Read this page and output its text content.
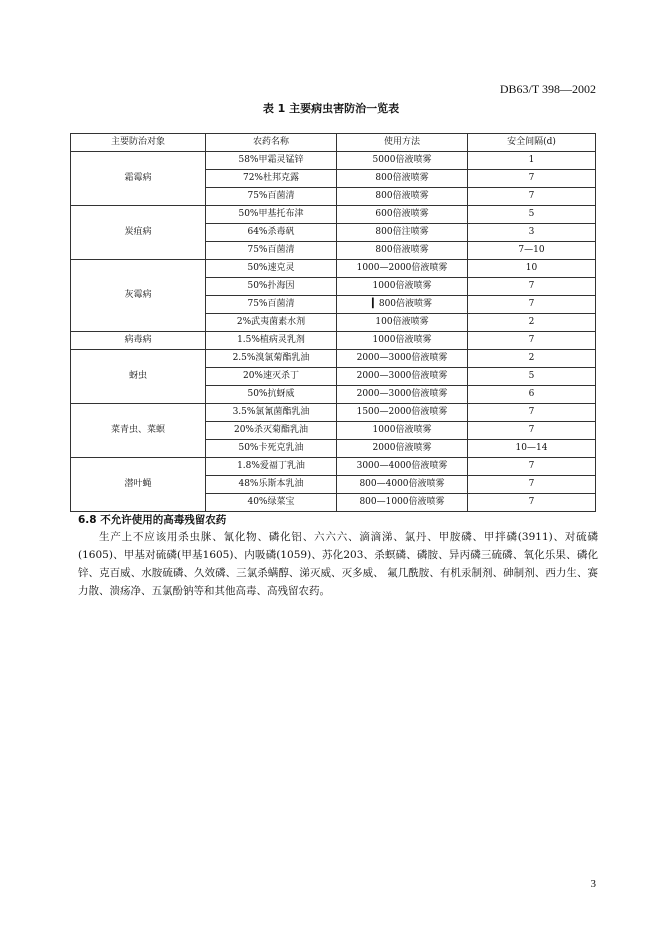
DB63/T 398—2002
表 1 主要病虫害防治一览表
主要防治对象	农药名称	使用方法	安全间隔(d)
霜霉病	58%甲霜灵锰锌	5000倍液喷雾	1
	72%杜邦克露	800倍液喷雾	7
	75%百菌清	800倍液喷雾	7
炭疽病	50%甲基托布津	600倍液喷雾	5
	64%杀毒矾	800倍注喷雾	3
	75%百菌清	800倍液喷雾	7—10
灰霉病	50%速克灵	1000—2000倍液喷雾	10
	50%扑海因	1000倍液喷雾	7
	75%百菌清	▎800倍液喷雾	7
	2%武夷菌素水剂	100倍液喷雾	2
病毒病	1.5%植病灵乳剂	1000倍液喷雾	7
蚜虫	2.5%溴氯菊酯乳油	2000—3000倍液喷雾	2
	20%速灭杀丁	2000—3000倍液喷雾	5
	50%抗蚜威	2000—3000倍液喷雾	6
菜青虫、菜螟	3.5%氯氰菌酯乳油	1500—2000倍液喷雾	7
	20%杀灭菊酯乳油	1000倍液喷雾	7
	50%卡死克乳油	2000倍液喷雾	10—14
潜叶蝇	1.8%爱福丁乳油	3000—4000倍液喷雾	7
	48%乐斯本乳油	800—4000倍液喷雾	7
	40%绿菜宝	800—1000倍液喷雾	7
6.8 不允许使用的高毒残留农药
生产上不应该用杀虫脒、氰化物、磷化铝、六六六、滴滴涕、氯丹、甲胺磷、甲拌磷(3911)、对硫磷(1605)、甲基对硫磷(甲基1605)、内吸磷(1059)、苏化203、杀螟磷、磷胺、异丙磷三硫磷、氧化乐果、磷化锌、克百威、水胺硫磷、久效磷、三氯杀螨醇、涕灭威、灭多威、 氟几酰胺、有机汞制剂、砷制剂、西力生、赛力散、溃疡净、五氯酚钠等和其他高毒、高残留农药。
3
